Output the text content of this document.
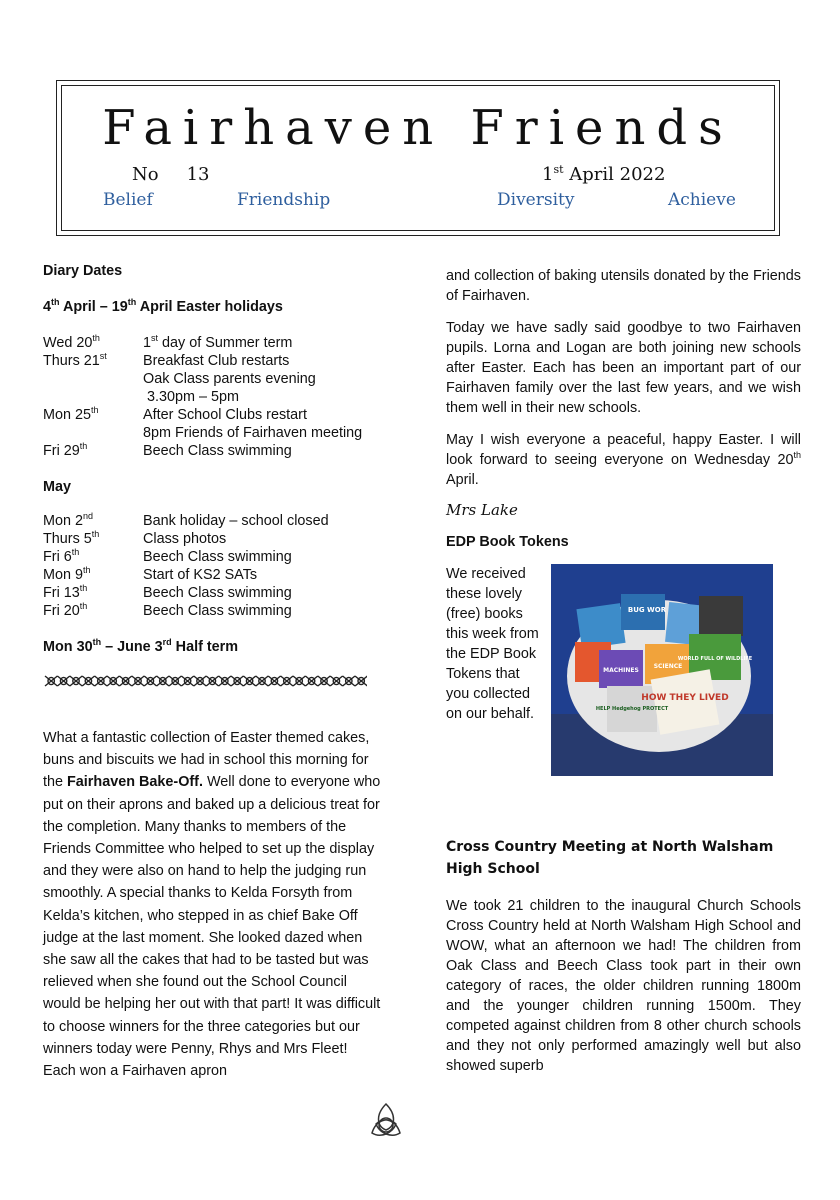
Fairhaven Friends
No 13	1st April 2022
Belief	Friendship	Diversity	Achieve
Diary Dates
4th April – 19th April Easter holidays
Wed 20th	1st day of Summer term
Thurs 21st	Breakfast Club restarts
Oak Class parents evening
3.30pm – 5pm
Mon 25th	After School Clubs restart
8pm Friends of Fairhaven meeting
Fri 29th	Beech Class swimming
May
Mon 2nd	Bank holiday – school closed
Thurs 5th	Class photos
Fri 6th	Beech Class swimming
Mon 9th	Start of KS2 SATs
Fri 13th	Beech Class swimming
Fri 20th	Beech Class swimming
Mon 30th – June 3rd Half term
What a fantastic collection of Easter themed cakes, buns and biscuits we had in school this morning for the Fairhaven Bake-Off. Well done to everyone who put on their aprons and baked up a delicious treat for the completion. Many thanks to members of the Friends Committee who helped to set up the display and they were also on hand to help the judging run smoothly. A special thanks to Kelda Forsyth from Kelda’s kitchen, who stepped in as chief Bake Off judge at the last moment. She looked dazed when she saw all the cakes that had to be tasted but was relieved when she found out the School Council would be helping her out with that part! It was difficult to choose winners for the three categories but our winners today were Penny, Rhys and Mrs Fleet! Each won a Fairhaven apron
and collection of baking utensils donated by the Friends of Fairhaven.
Today we have sadly said goodbye to two Fairhaven pupils. Lorna and Logan are both joining new schools after Easter. Each has been an important part of our Fairhaven family over the last few years, and we wish them well in their new schools.
May I wish everyone a peaceful, happy Easter. I will look forward to seeing everyone on Wednesday 20th April.
Mrs Lake
EDP Book Tokens
We received these lovely (free) books this week from the EDP Book Tokens that you collected on our behalf.
HOW THEY LIVED
BUG WOR
MACHINES
SCIENCE
WORLD FULL OF WILDLIFE
HELP Hedgehog PROTECT
Cross Country Meeting at North Walsham High School
We took 21 children to the inaugural Church Schools Cross Country held at North Walsham High School and WOW, what an afternoon we had! The children from Oak Class and Beech Class took part in their own category of races, the older children running 1800m and the younger children running 1500m. They competed against children from 8 other church schools and they not only performed amazingly well but also showed superb
